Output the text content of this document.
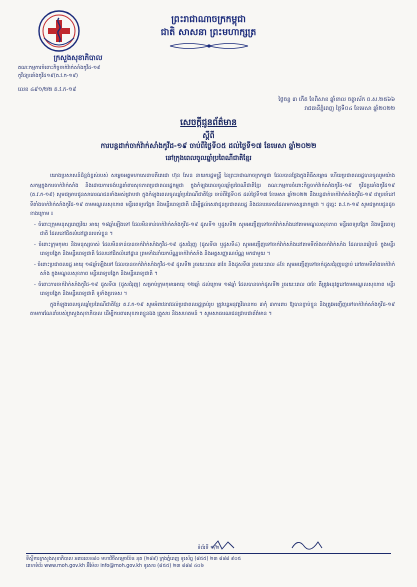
ព្រះរាជាណាចក្រកម្ពុជា
ជាតិ សាសនា ព្រះមហាក្សត្រ
ក្រសួងសុខាភិបាល
គណៈកម្មការចំពោះកិច្ចចាក់វ៉ាក់សាំងកូវីដ-១៩
កូវីដប្រឆាំងកូវីដ១៩(គ.វ.ក-១៩)
លេខ ៤៩១/២២ គ.វ.ក-១៩
ថ្ងៃចន្ទ ៣ កើត ខែពិសាខ ឆ្នាំខាល ចត្វាស័ក ព.ស.២៥៦៦
រាជធានីភ្នំពេញ ថ្ងៃទី០៤ ខែមេសា ឆ្នាំ២០២២
សេចក្តីជូនព័ត៌មាន
ស្តីពី
ការបន្តដាក់ចាក់វ៉ាក់សាំងកូវីដ-១៩ ចាប់ពីថ្ងៃទី០៥ ដល់ថ្ងៃទី១៧ ខែមេសា ឆ្នាំ២០២២
នៅក្រុងពេលចូលឆ្នាំប្រពៃណីជាតិខ្មែរ

យោងប្រសាសន៍ដ៏ខ្ពង់ខ្ពស់របស់ សម្តេចអគ្គមហាសេនាបតីតេជោ ហ៊ុន សែន នាយករដ្ឋមន្ត្រី នៃព្រះរាជាណាចក្រកម្ពុជា ដែលបានថ្លែងក្នុងពិធីសម្ពោធ ហើយប្រជាពលរដ្ឋបានចូលរួមយ៉ាងសកម្មក្នុងការចាក់វ៉ាក់សាំង និងដោយការចង់បន្តគាំពារសុខភាពប្រជាពលរដ្ឋកម្ពុជា ក្នុងកំឡុងពេលចូលឆ្នាំប្រពៃណីជាតិខ្មែរ គណៈកម្មការចំពោះកិច្ចចាក់វ៉ាក់សាំងកូវីដ-១៩ កូវីដប្រឆាំងកូវីដ១៩ (គ.វ.ក-១៩) សូមជម្រាបជូនសាធារណជនទាំងអស់ជ្រាបថា ក្នុងកំឡុងពេលចូលឆ្នាំប្រពៃណីជាតិខ្មែរ ចាប់ពីថ្ងៃទី០៥ ដល់ថ្ងៃទី១៧ ខែមេសា ឆ្នាំ២០២២ នឹងបន្តដាក់ចាក់វ៉ាក់សាំងកូវីដ-១៩ ជាប្រចាំនៅទីតាំងចាក់វ៉ាក់សាំងកូវីដ-១៩ តាមមណ្ឌលសុខភាព មន្ទីរពេទ្យបង្អែក និងមន្ទីរពេទ្យជាតិ ដើម្បីផ្តល់សេវាជូនប្រជាពលរដ្ឋ និងជនបរទេសដែលមកទស្សនាកម្ពុជា ។ ដូច្នេះ គ.វ.ក-១៩ សូមជម្រាបជូនដូចខាងក្រោម ៖

- ចំពោះក្រុមមនុស្សពេញវ័យ អាយុ ១៨ឆ្នាំឡើងទៅ ដែលមិនទាន់ចាក់វ៉ាក់សាំងកូវីដ-១៩ ដូសទី១ ឬដូសទី២ សូមអញ្ជើញទៅចាក់វ៉ាក់សាំងនៅតាមមណ្ឌលសុខភាព មន្ទីរពេទ្យបង្អែក និងមន្ទីរពេទ្យជាតិ ដែលនៅជិតលំនៅដ្ឋានរបស់ខ្លួន ។

- ចំពោះក្រុមកុមារ និងមនុស្សចាស់ ដែលមិនទាន់បានចាក់វ៉ាក់សាំងកូវីដ-១៩ ដូសជំរុញ (ដូសទី៣ ឬដូសទី៤) សូមអញ្ជើញទៅចាក់វ៉ាក់សាំងនៅតាមទីតាំងចាក់វ៉ាក់សាំង ដែលបានរៀបចំ ក្នុងមន្ទីរពេទ្យបង្អែក និងមន្ទីរពេទ្យជាតិ ដែលនៅជិតលំនៅដ្ឋាន ព្រមទាំងនាំយកប័ណ្ណចាក់វ៉ាក់សាំង និងអត្តសញ្ញាណប័ណ្ណ មកជាមួយ ។

- ចំពោះប្រជាពលរដ្ឋ អាយុ ១៨ឆ្នាំឡើងទៅ ដែលបានចាក់វ៉ាក់សាំងកូវីដ-១៩ ដូសទី២ រួចរយៈពេល ៣ខែ និងដូសទី៣ រួចរយៈពេល ៤ខែ សូមអញ្ជើញទៅចាក់ដូសជំរុញបន្ទាប់ នៅតាមទីតាំងចាក់វ៉ាក់សាំង ក្នុងមណ្ឌលសុខភាព មន្ទីរពេទ្យបង្អែក និងមន្ទីរពេទ្យជាតិ ។

- ចំពោះការចាក់វ៉ាក់សាំងកូវីដ-១៩ ដូសទី៣ (ដូសជំរុញ) សម្រាប់ក្រុមកុមារអាយុ ១២ឆ្នាំ ដល់ក្រោម ១៨ឆ្នាំ ដែលបានចាក់ដូសទី២ រួចរយៈពេល ៣ខែ គឺត្រូវអនុវត្តនៅតាមមណ្ឌលសុខភាព មន្ទីរពេទ្យបង្អែក និងមន្ទីរពេទ្យជាតិ ទូទាំងប្រទេស ។

ក្នុងកំឡុងពេលចូលឆ្នាំប្រពៃណីជាតិខ្មែរ គ.វ.ក-១៩ សូមអំពាវនាវដល់ប្រជាពលរដ្ឋគ្រប់រូប ត្រូវបន្តអនុវត្តវិធានការ ៣កុំ ៣ការពារ ឱ្យបានខ្ជាប់ខ្ជួន និងត្រូវអញ្ជើញទៅចាក់វ៉ាក់សាំងកូវីដ-១៩ តាមការណែនាំរបស់ក្រសួងសុខាភិបាល ដើម្បីការពារសុខភាពខ្លួនឯង គ្រួសារ និងសហគមន៍ ។ សូមសាធារណជនជ្រាបជាព័ត៌មាន ។

ទំព័រទី ១/២
ទីស្តីការក្រសួងសុខាភិបាល អគារលេខ៨០ មហាវិថីសម្តេចប៉ែន នុត (២៨៩) ក្រុងភ្នំពេញ ទូរស័ព្ទ (៨៥៥) ២៣ ៨៨៨ ៩០៥
គេហទំព័រ www.moh.gov.kh អ៊ីម៉ែល info@moh.gov.kh ទូរសារ (៨៥៥) ២៣ ៨៨៨ ៤០៦
